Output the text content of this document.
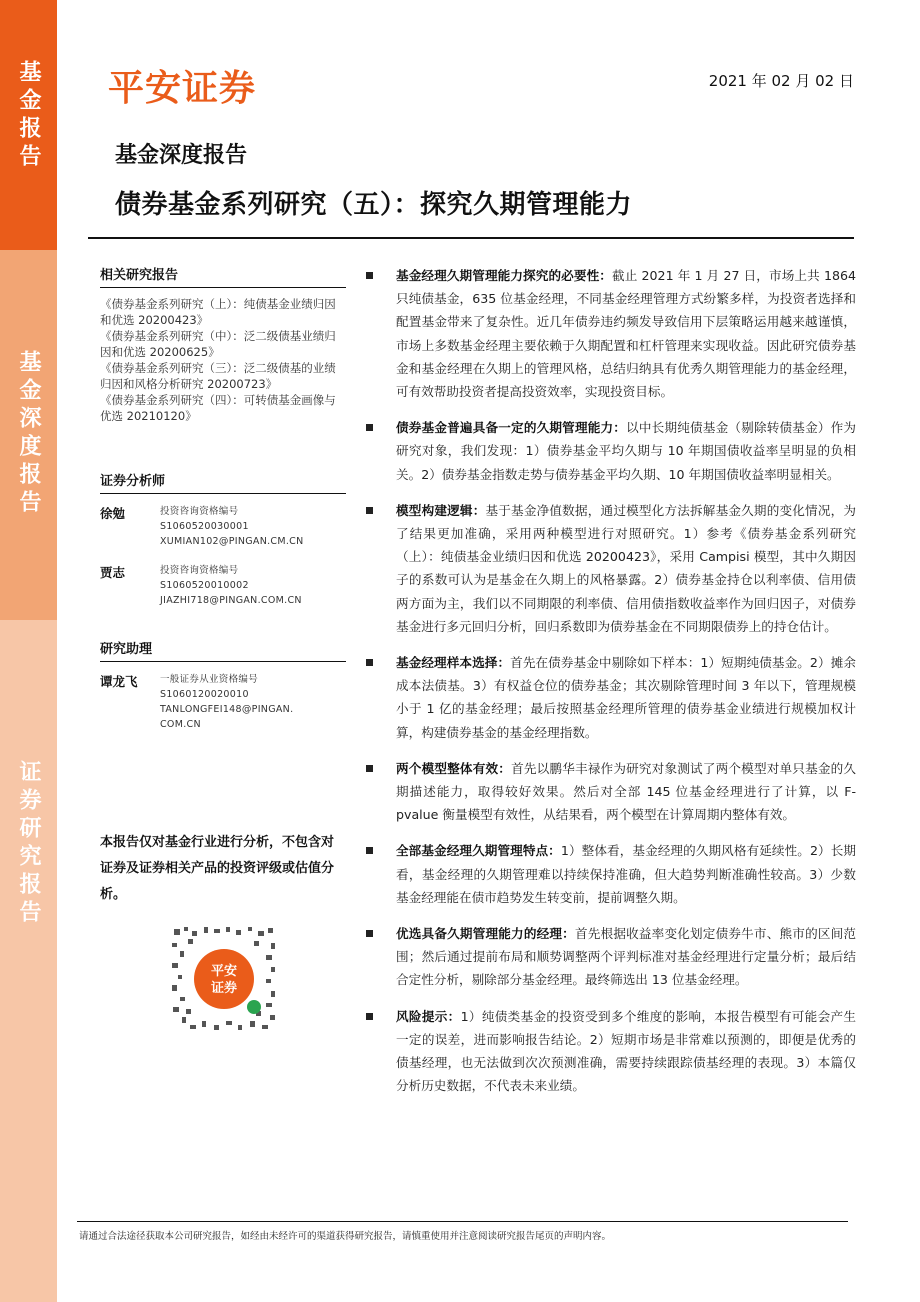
基金报告
基金深度报告
证券研究报告
平安证券	2021 年 02 月 02 日
基金深度报告
债券基金系列研究（五）：探究久期管理能力
相关研究报告
《债券基金系列研究（上）：纯债基金业绩归因和优选 20200423》
《债券基金系列研究（中）：泛二级债基业绩归因和优选 20200625》
《债券基金系列研究（三）：泛二级债基的业绩归因和风格分析研究 20200723》
《债券基金系列研究（四）：可转债基金画像与优选 20210120》
证券分析师
徐勉	投资咨询资格编号
S1060520030001
XUMIAN102@PINGAN.CM.CN
贾志	投资咨询资格编号
S1060520010002
JIAZHI718@PINGAN.COM.CN
研究助理
谭龙飞	一般证券从业资格编号
S1060120020010
TANLONGFEI148@PINGAN.
COM.CN
本报告仅对基金行业进行分析，不包含对证券及证券相关产品的投资评级或估值分析。
平安
证券
基金经理久期管理能力探究的必要性：截止 2021 年 1 月 27 日，市场上共 1864 只纯债基金，635 位基金经理，不同基金经理管理方式纷繁多样，为投资者选择和配置基金带来了复杂性。近几年债券违约频发导致信用下层策略运用越来越谨慎，市场上多数基金经理主要依赖于久期配置和杠杆管理来实现收益。因此研究债券基金和基金经理在久期上的管理风格，总结归纳具有优秀久期管理能力的基金经理，可有效帮助投资者提高投资效率，实现投资目标。
债券基金普遍具备一定的久期管理能力：以中长期纯债基金（剔除转债基金）作为研究对象，我们发现：1）债券基金平均久期与 10 年期国债收益率呈明显的负相关。2）债券基金指数走势与债券基金平均久期、10 年期国债收益率明显相关。
模型构建逻辑：基于基金净值数据，通过模型化方法拆解基金久期的变化情况，为了结果更加准确，采用两种模型进行对照研究。1）参考《债券基金系列研究（上）：纯债基金业绩归因和优选 20200423》，采用 Campisi 模型，其中久期因子的系数可认为是基金在久期上的风格暴露。2）债券基金持仓以利率债、信用债两方面为主，我们以不同期限的利率债、信用债指数收益率作为回归因子，对债券基金进行多元回归分析，回归系数即为债券基金在不同期限债券上的持仓估计。
基金经理样本选择：首先在债券基金中剔除如下样本：1）短期纯债基金。2）摊余成本法债基。3）有权益仓位的债券基金；其次剔除管理时间 3 年以下，管理规模小于 1 亿的基金经理；最后按照基金经理所管理的债券基金业绩进行规模加权计算，构建债券基金的基金经理指数。
两个模型整体有效：首先以鹏华丰禄作为研究对象测试了两个模型对单只基金的久期描述能力，取得较好效果。然后对全部 145 位基金经理进行了计算，以 F-pvalue 衡量模型有效性，从结果看，两个模型在计算周期内整体有效。
全部基金经理久期管理特点：1）整体看，基金经理的久期风格有延续性。2）长期看，基金经理的久期管理难以持续保持准确，但大趋势判断准确性较高。3）少数基金经理能在债市趋势发生转变前，提前调整久期。
优选具备久期管理能力的经理：首先根据收益率变化划定债券牛市、熊市的区间范围；然后通过提前布局和顺势调整两个评判标准对基金经理进行定量分析；最后结合定性分析，剔除部分基金经理。最终筛选出 13 位基金经理。
风险提示：1）纯债类基金的投资受到多个维度的影响，本报告模型有可能会产生一定的误差，进而影响报告结论。2）短期市场是非常难以预测的，即便是优秀的债基经理，也无法做到次次预测准确，需要持续跟踪债基经理的表现。3）本篇仅分析历史数据，不代表未来业绩。
请通过合法途径获取本公司研究报告，如经由未经许可的渠道获得研究报告，请慎重使用并注意阅读研究报告尾页的声明内容。
